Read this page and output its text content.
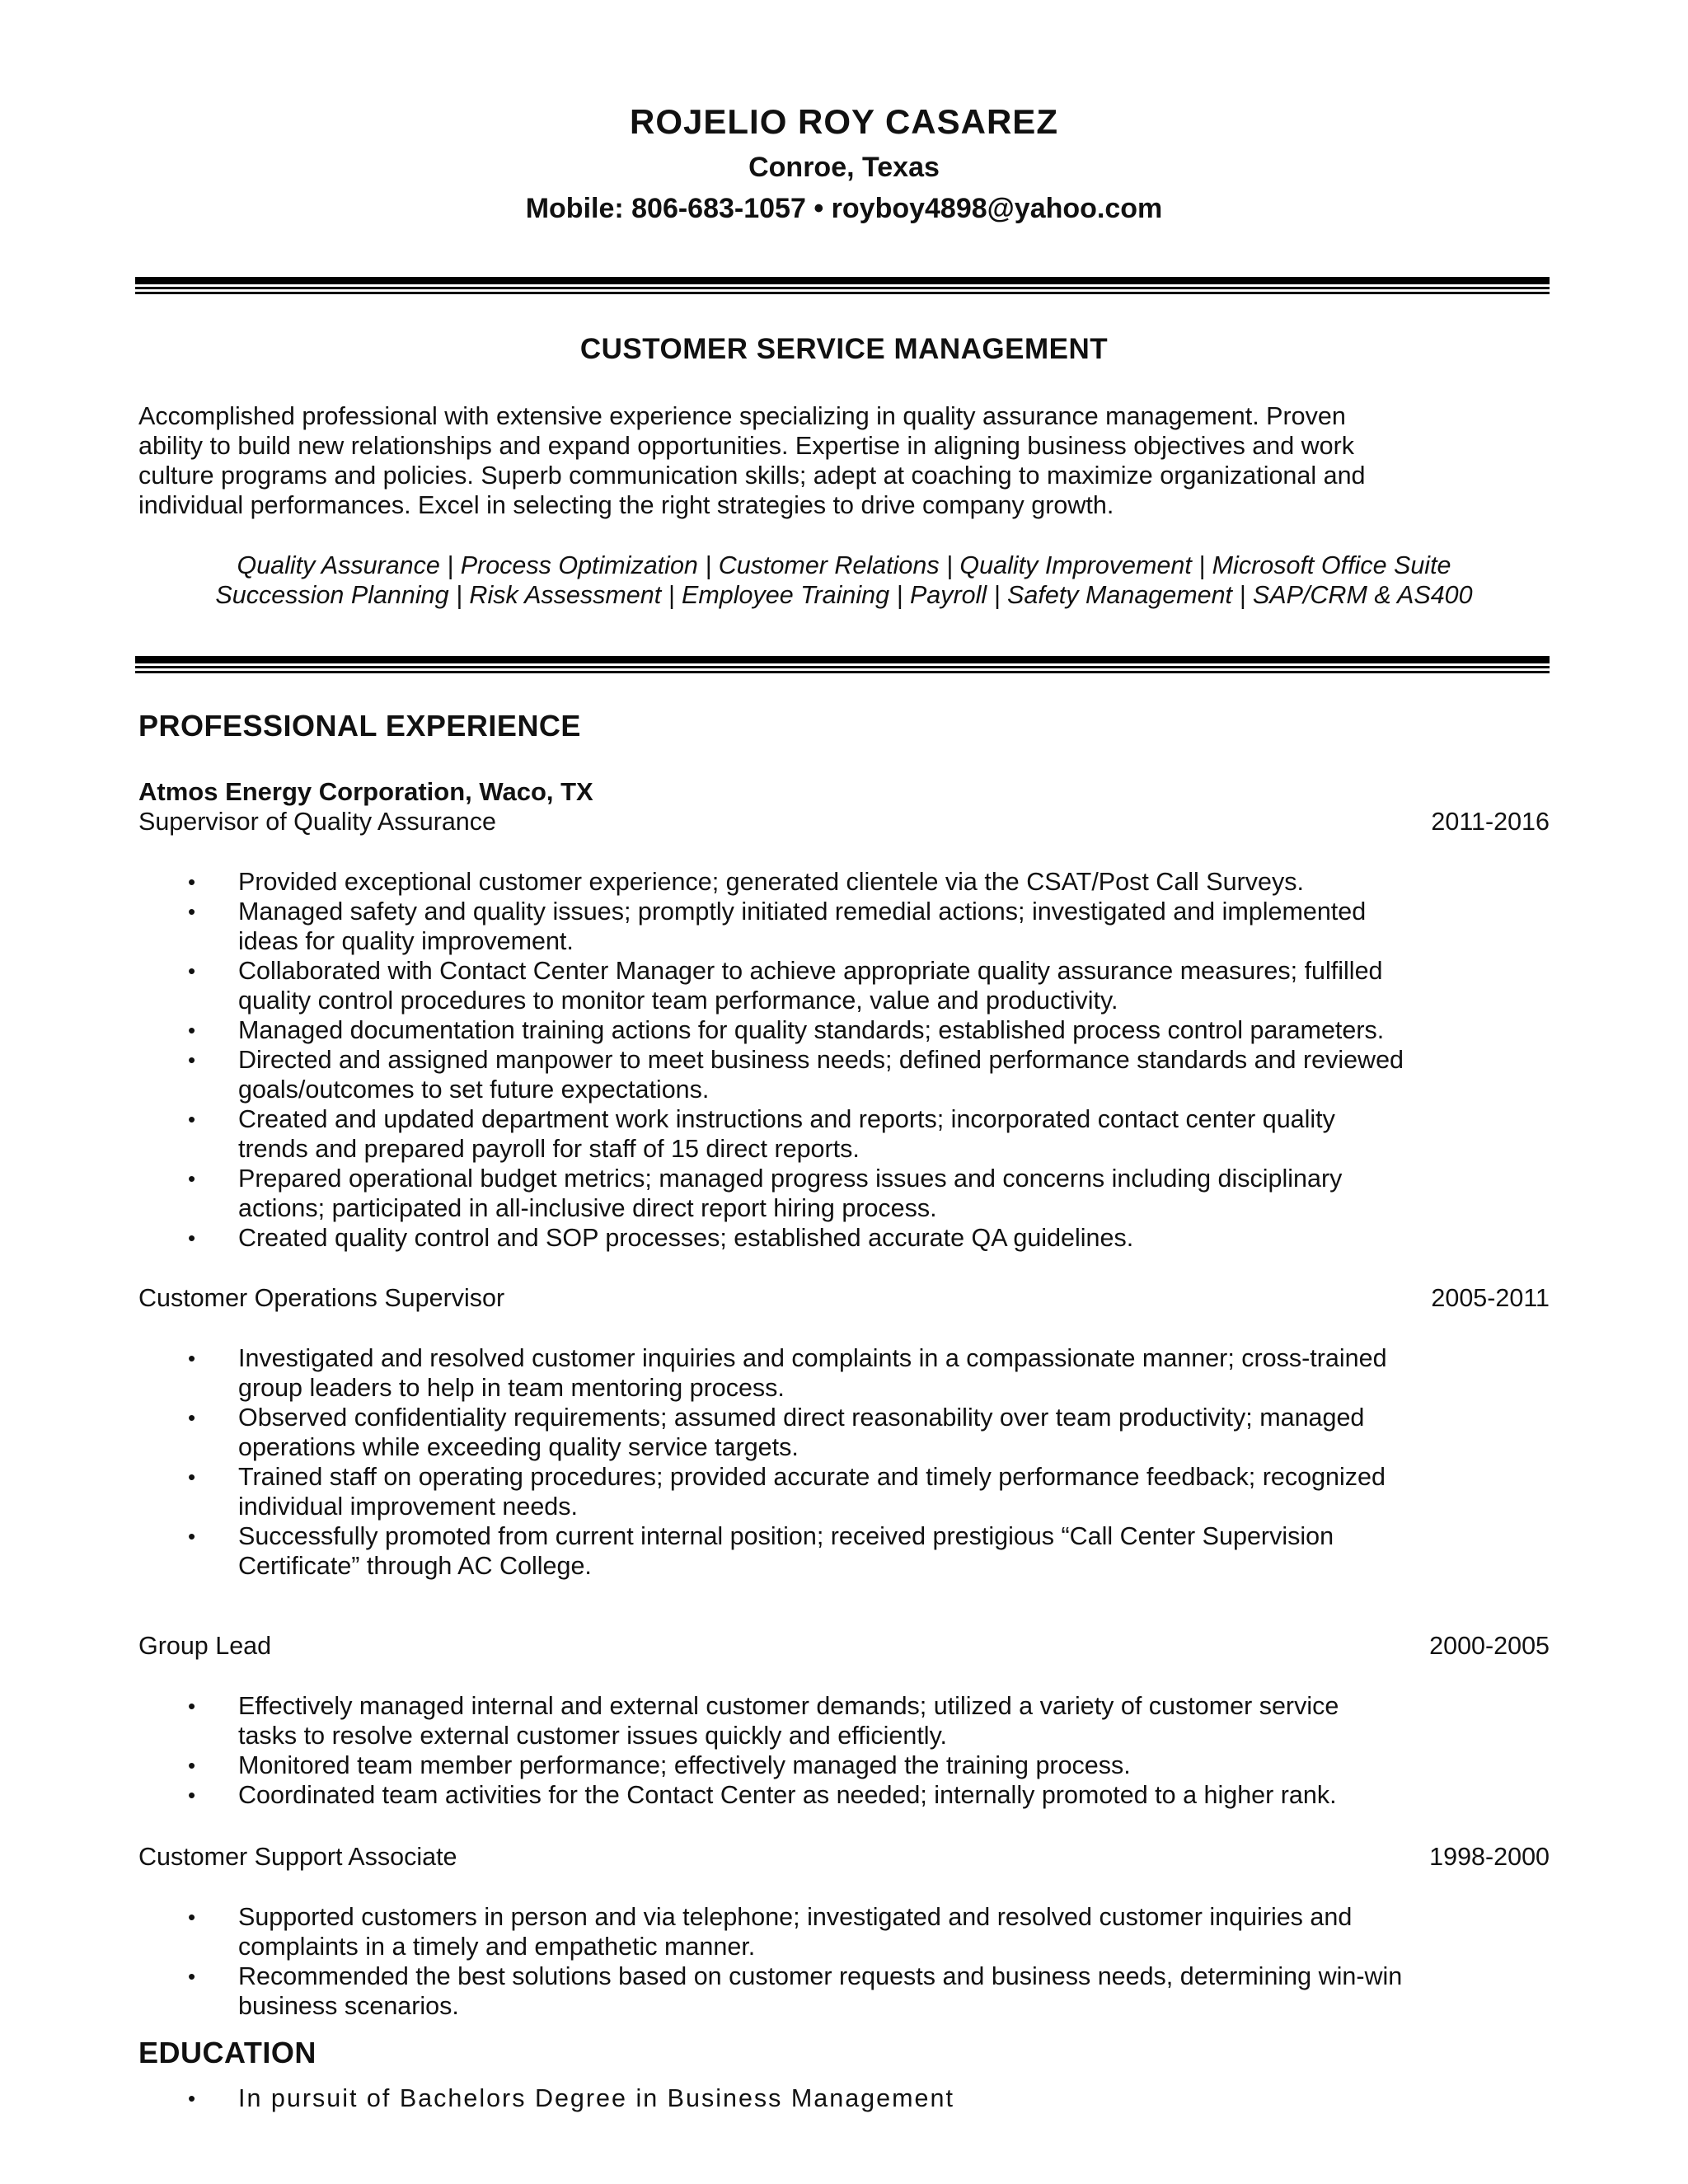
ROJELIO ROY CASAREZ
Conroe, Texas
Mobile: 806-683-1057 • royboy4898@yahoo.com
CUSTOMER SERVICE MANAGEMENT
Accomplished professional with extensive experience specializing in quality assurance management. Proven
ability to build new relationships and expand opportunities. Expertise in aligning business objectives and work
culture programs and policies. Superb communication skills; adept at coaching to maximize organizational and
individual performances. Excel in selecting the right strategies to drive company growth.
Quality Assurance | Process Optimization | Customer Relations | Quality Improvement | Microsoft Office Suite
Succession Planning | Risk Assessment | Employee Training | Payroll | Safety Management | SAP/CRM & AS400
PROFESSIONAL EXPERIENCE
Atmos Energy Corporation, Waco, TX
Supervisor of Quality Assurance	2011-2016
• Provided exceptional customer experience; generated clientele via the CSAT/Post Call Surveys.
• Managed safety and quality issues; promptly initiated remedial actions; investigated and implemented
ideas for quality improvement.
• Collaborated with Contact Center Manager to achieve appropriate quality assurance measures; fulfilled
quality control procedures to monitor team performance, value and productivity.
• Managed documentation training actions for quality standards; established process control parameters.
• Directed and assigned manpower to meet business needs; defined performance standards and reviewed
goals/outcomes to set future expectations.
• Created and updated department work instructions and reports; incorporated contact center quality
trends and prepared payroll for staff of 15 direct reports.
• Prepared operational budget metrics; managed progress issues and concerns including disciplinary
actions; participated in all-inclusive direct report hiring process.
• Created quality control and SOP processes; established accurate QA guidelines.
Customer Operations Supervisor	2005-2011
• Investigated and resolved customer inquiries and complaints in a compassionate manner; cross-trained
group leaders to help in team mentoring process.
• Observed confidentiality requirements; assumed direct reasonability over team productivity; managed
operations while exceeding quality service targets.
• Trained staff on operating procedures; provided accurate and timely performance feedback; recognized
individual improvement needs.
• Successfully promoted from current internal position; received prestigious “Call Center Supervision
Certificate” through AC College.
Group Lead	2000-2005
• Effectively managed internal and external customer demands; utilized a variety of customer service
tasks to resolve external customer issues quickly and efficiently.
• Monitored team member performance; effectively managed the training process.
• Coordinated team activities for the Contact Center as needed; internally promoted to a higher rank.
Customer Support Associate	1998-2000
• Supported customers in person and via telephone; investigated and resolved customer inquiries and
complaints in a timely and empathetic manner.
• Recommended the best solutions based on customer requests and business needs, determining win-win
business scenarios.
EDUCATION
• In pursuit of Bachelors Degree in Business Management
